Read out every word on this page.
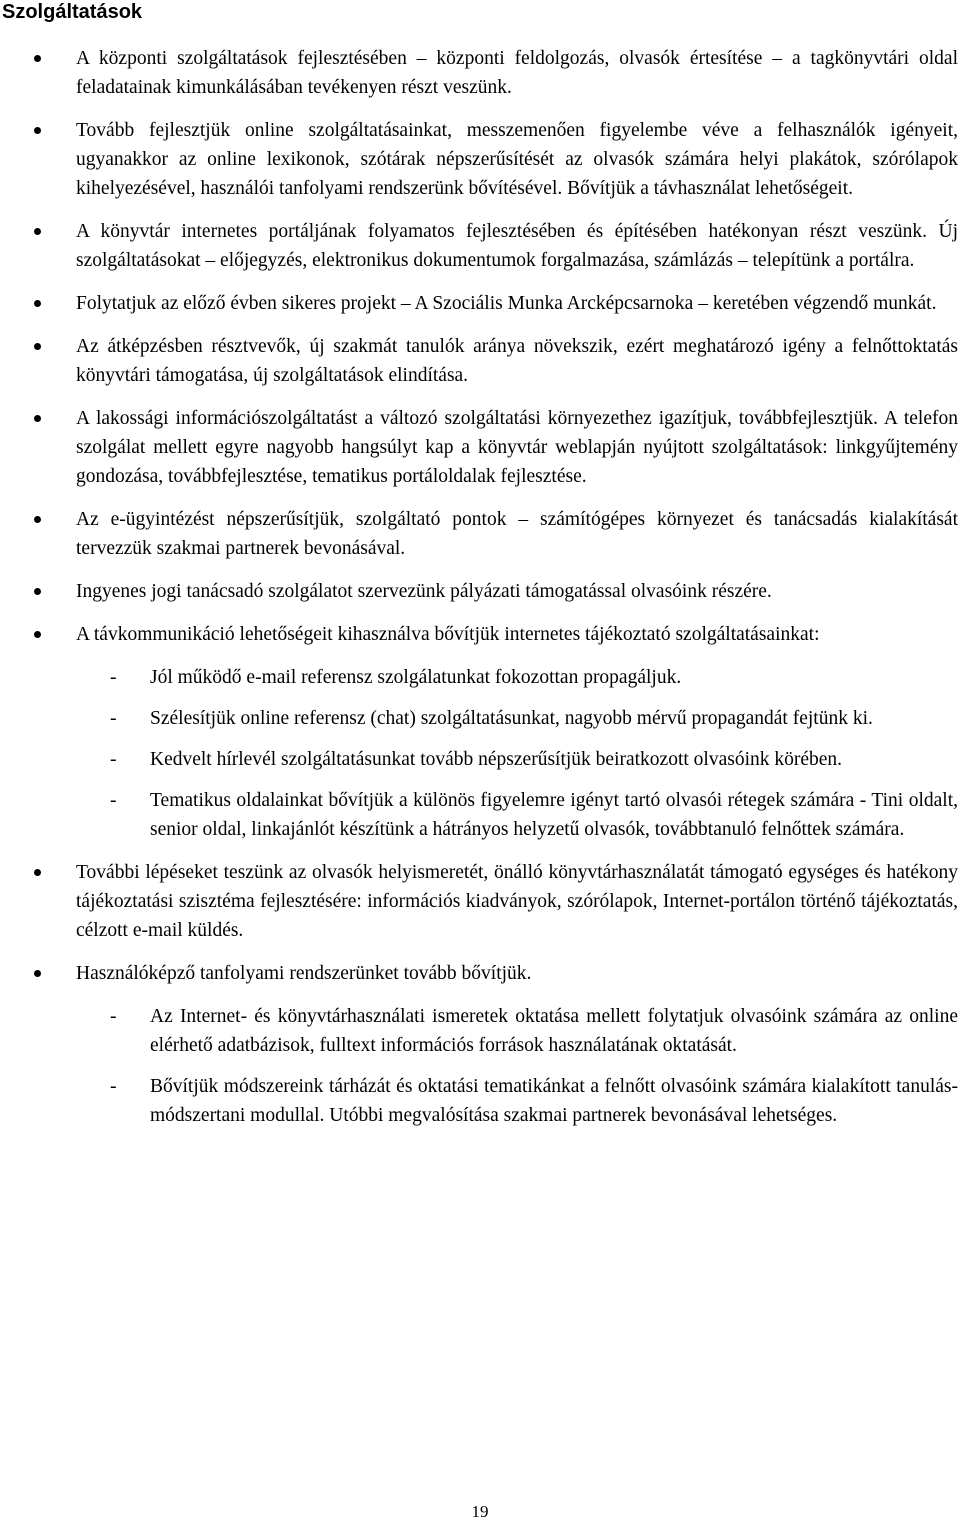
Szolgáltatások
A központi szolgáltatások fejlesztésében – központi feldolgozás, olvasók értesítése – a tagkönyvtári oldal feladatainak kimunkálásában tevékenyen részt veszünk.
Tovább fejlesztjük online szolgáltatásainkat, messzemenően figyelembe véve a felhasználók igényeit, ugyanakkor az online lexikonok, szótárak népszerűsítését az olvasók számára helyi plakátok, szórólapok kihelyezésével, használói tanfolyami rendszerünk bővítésével. Bővítjük a távhasználat lehetőségeit.
A könyvtár internetes portáljának folyamatos fejlesztésében és építésében hatékonyan részt veszünk. Új szolgáltatásokat – előjegyzés, elektronikus dokumentumok forgalmazása, számlázás – telepítünk a portálra.
Folytatjuk az előző évben sikeres projekt – A Szociális Munka Arcképcsarnoka – keretében végzendő munkát.
Az átképzésben résztvevők, új szakmát tanulók aránya növekszik, ezért meghatározó igény a felnőttoktatás könyvtári támogatása, új szolgáltatások elindítása.
A lakossági információszolgáltatást a változó szolgáltatási környezethez igazítjuk, továbbfejlesztjük. A telefon szolgálat mellett egyre nagyobb hangsúlyt kap a könyvtár weblapján nyújtott szolgáltatások: linkgyűjtemény gondozása, továbbfejlesztése, tematikus portáloldalak fejlesztése.
Az e-ügyintézést népszerűsítjük, szolgáltató pontok – számítógépes környezet és tanácsadás kialakítását tervezzük szakmai partnerek bevonásával.
Ingyenes jogi tanácsadó szolgálatot szervezünk pályázati támogatással olvasóink részére.
A távkommunikáció lehetőségeit kihasználva bővítjük internetes tájékoztató szolgáltatásainkat:
- Jól működő e-mail referensz szolgálatunkat fokozottan propagáljuk.
- Szélesítjük online referensz (chat) szolgáltatásunkat, nagyobb mérvű propagandát fejtünk ki.
- Kedvelt hírlevél szolgáltatásunkat tovább népszerűsítjük beiratkozott olvasóink körében.
- Tematikus oldalainkat bővítjük a különös figyelemre igényt tartó olvasói rétegek számára - Tini oldalt, senior oldal, linkajánlót készítünk a hátrányos helyzetű olvasók, továbbtanuló felnőttek számára.
További lépéseket teszünk az olvasók helyismeretét, önálló könyvtárhasználatát támogató egységes és hatékony tájékoztatási szisztéma fejlesztésére: információs kiadványok, szórólapok, Internet-portálon történő tájékoztatás, célzott e-mail küldés.
Használóképző tanfolyami rendszerünket tovább bővítjük.
- Az Internet- és könyvtárhasználati ismeretek oktatása mellett folytatjuk olvasóink számára az online elérhető adatbázisok, fulltext információs források használatának oktatását.
- Bővítjük módszereink tárházát és oktatási tematikánkat a felnőtt olvasóink számára kialakított tanulás-módszertani modullal. Utóbbi megvalósítása szakmai partnerek bevonásával lehetséges.
19
